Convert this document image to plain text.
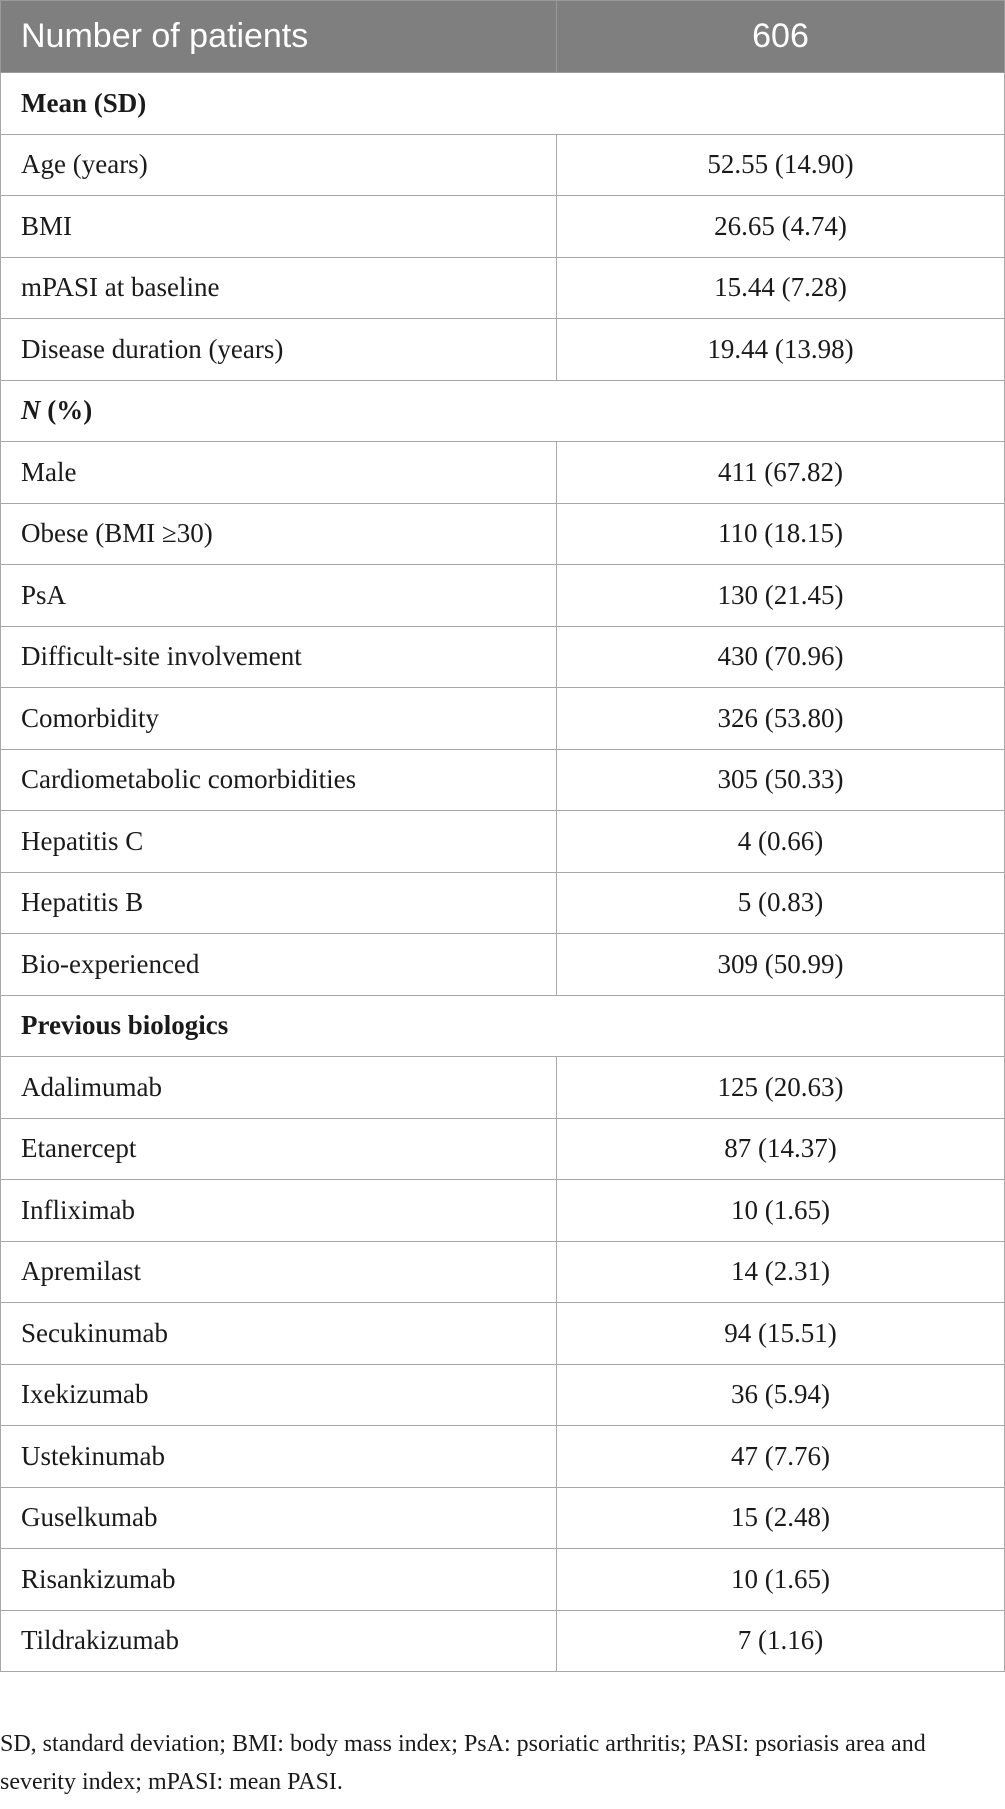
Number of patients	606
Mean (SD)	
Age (years)	52.55 (14.90)
BMI	26.65 (4.74)
mPASI at baseline	15.44 (7.28)
Disease duration (years)	19.44 (13.98)
N (%)	
Male	411 (67.82)
Obese (BMI ≥30)	110 (18.15)
PsA	130 (21.45)
Difficult-site involvement	430 (70.96)
Comorbidity	326 (53.80)
Cardiometabolic comorbidities	305 (50.33)
Hepatitis C	4 (0.66)
Hepatitis B	5 (0.83)
Bio-experienced	309 (50.99)
Previous biologics	
Adalimumab	125 (20.63)
Etanercept	87 (14.37)
Infliximab	10 (1.65)
Apremilast	14 (2.31)
Secukinumab	94 (15.51)
Ixekizumab	36 (5.94)
Ustekinumab	47 (7.76)
Guselkumab	15 (2.48)
Risankizumab	10 (1.65)
Tildrakizumab	7 (1.16)
SD, standard deviation; BMI: body mass index; PsA: psoriatic arthritis; PASI: psoriasis area and severity index; mPASI: mean PASI.
